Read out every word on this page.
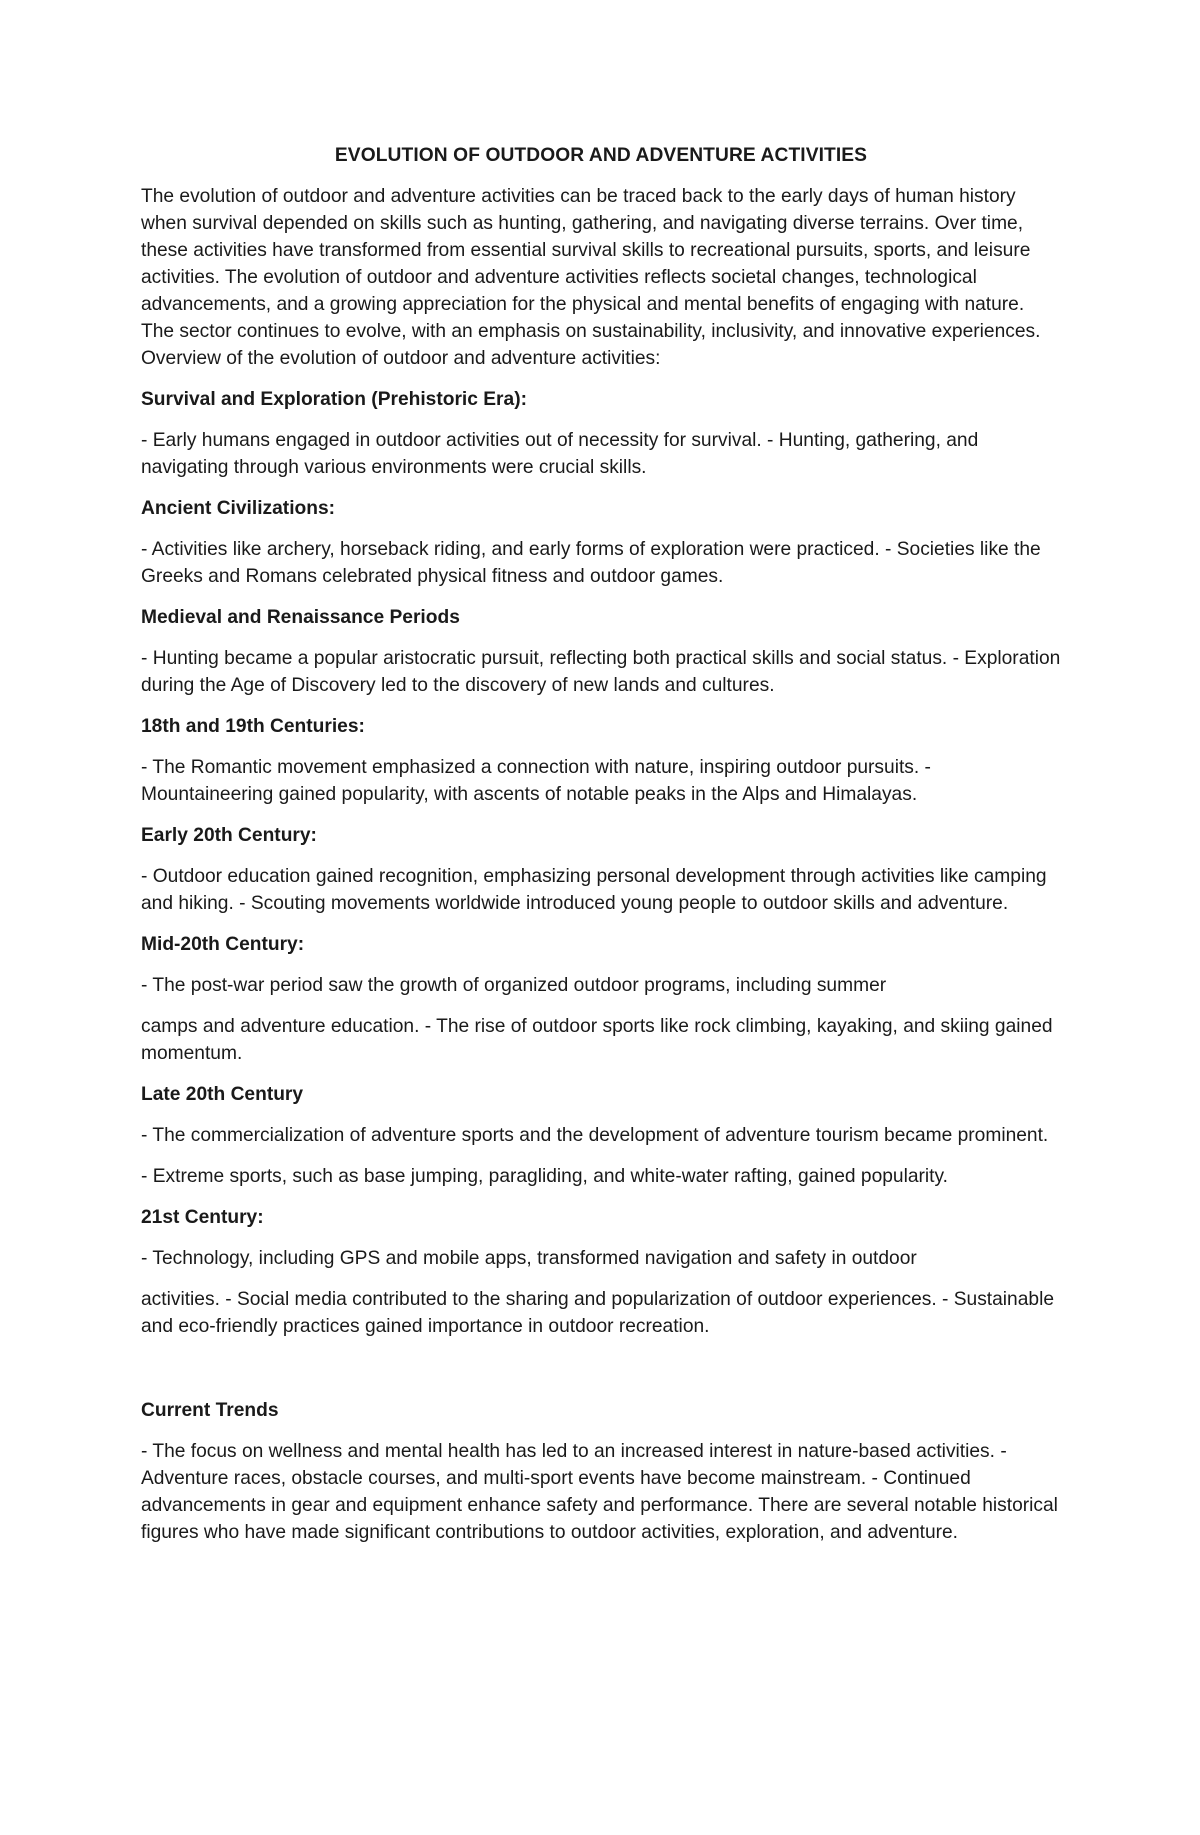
EVOLUTION OF OUTDOOR AND ADVENTURE ACTIVITIES
The evolution of outdoor and adventure activities can be traced back to the early days of human history when survival depended on skills such as hunting, gathering, and navigating diverse terrains. Over time, these activities have transformed from essential survival skills to recreational pursuits, sports, and leisure activities. The evolution of outdoor and adventure activities reflects societal changes, technological advancements, and a growing appreciation for the physical and mental benefits of engaging with nature. The sector continues to evolve, with an emphasis on sustainability, inclusivity, and innovative experiences. Overview of the evolution of outdoor and adventure activities:
Survival and Exploration (Prehistoric Era):
- Early humans engaged in outdoor activities out of necessity for survival. - Hunting, gathering, and navigating through various environments were crucial skills.
Ancient Civilizations:
- Activities like archery, horseback riding, and early forms of exploration were practiced. - Societies like the Greeks and Romans celebrated physical fitness and outdoor games.
Medieval and Renaissance Periods
- Hunting became a popular aristocratic pursuit, reflecting both practical skills and social status. - Exploration during the Age of Discovery led to the discovery of new lands and cultures.
18th and 19th Centuries:
- The Romantic movement emphasized a connection with nature, inspiring outdoor pursuits. - Mountaineering gained popularity, with ascents of notable peaks in the Alps and Himalayas.
Early 20th Century:
- Outdoor education gained recognition, emphasizing personal development through activities like camping and hiking. - Scouting movements worldwide introduced young people to outdoor skills and adventure.
Mid-20th Century:
- The post-war period saw the growth of organized outdoor programs, including summer
camps and adventure education. - The rise of outdoor sports like rock climbing, kayaking, and skiing gained momentum.
Late 20th Century
- The commercialization of adventure sports and the development of adventure tourism became prominent.
- Extreme sports, such as base jumping, paragliding, and white-water rafting, gained popularity.
21st Century:
- Technology, including GPS and mobile apps, transformed navigation and safety in outdoor
activities. - Social media contributed to the sharing and popularization of outdoor experiences. - Sustainable and eco-friendly practices gained importance in outdoor recreation.
Current Trends
- The focus on wellness and mental health has led to an increased interest in nature-based activities. - Adventure races, obstacle courses, and multi-sport events have become mainstream. - Continued advancements in gear and equipment enhance safety and performance. There are several notable historical figures who have made significant contributions to outdoor activities, exploration, and adventure.
